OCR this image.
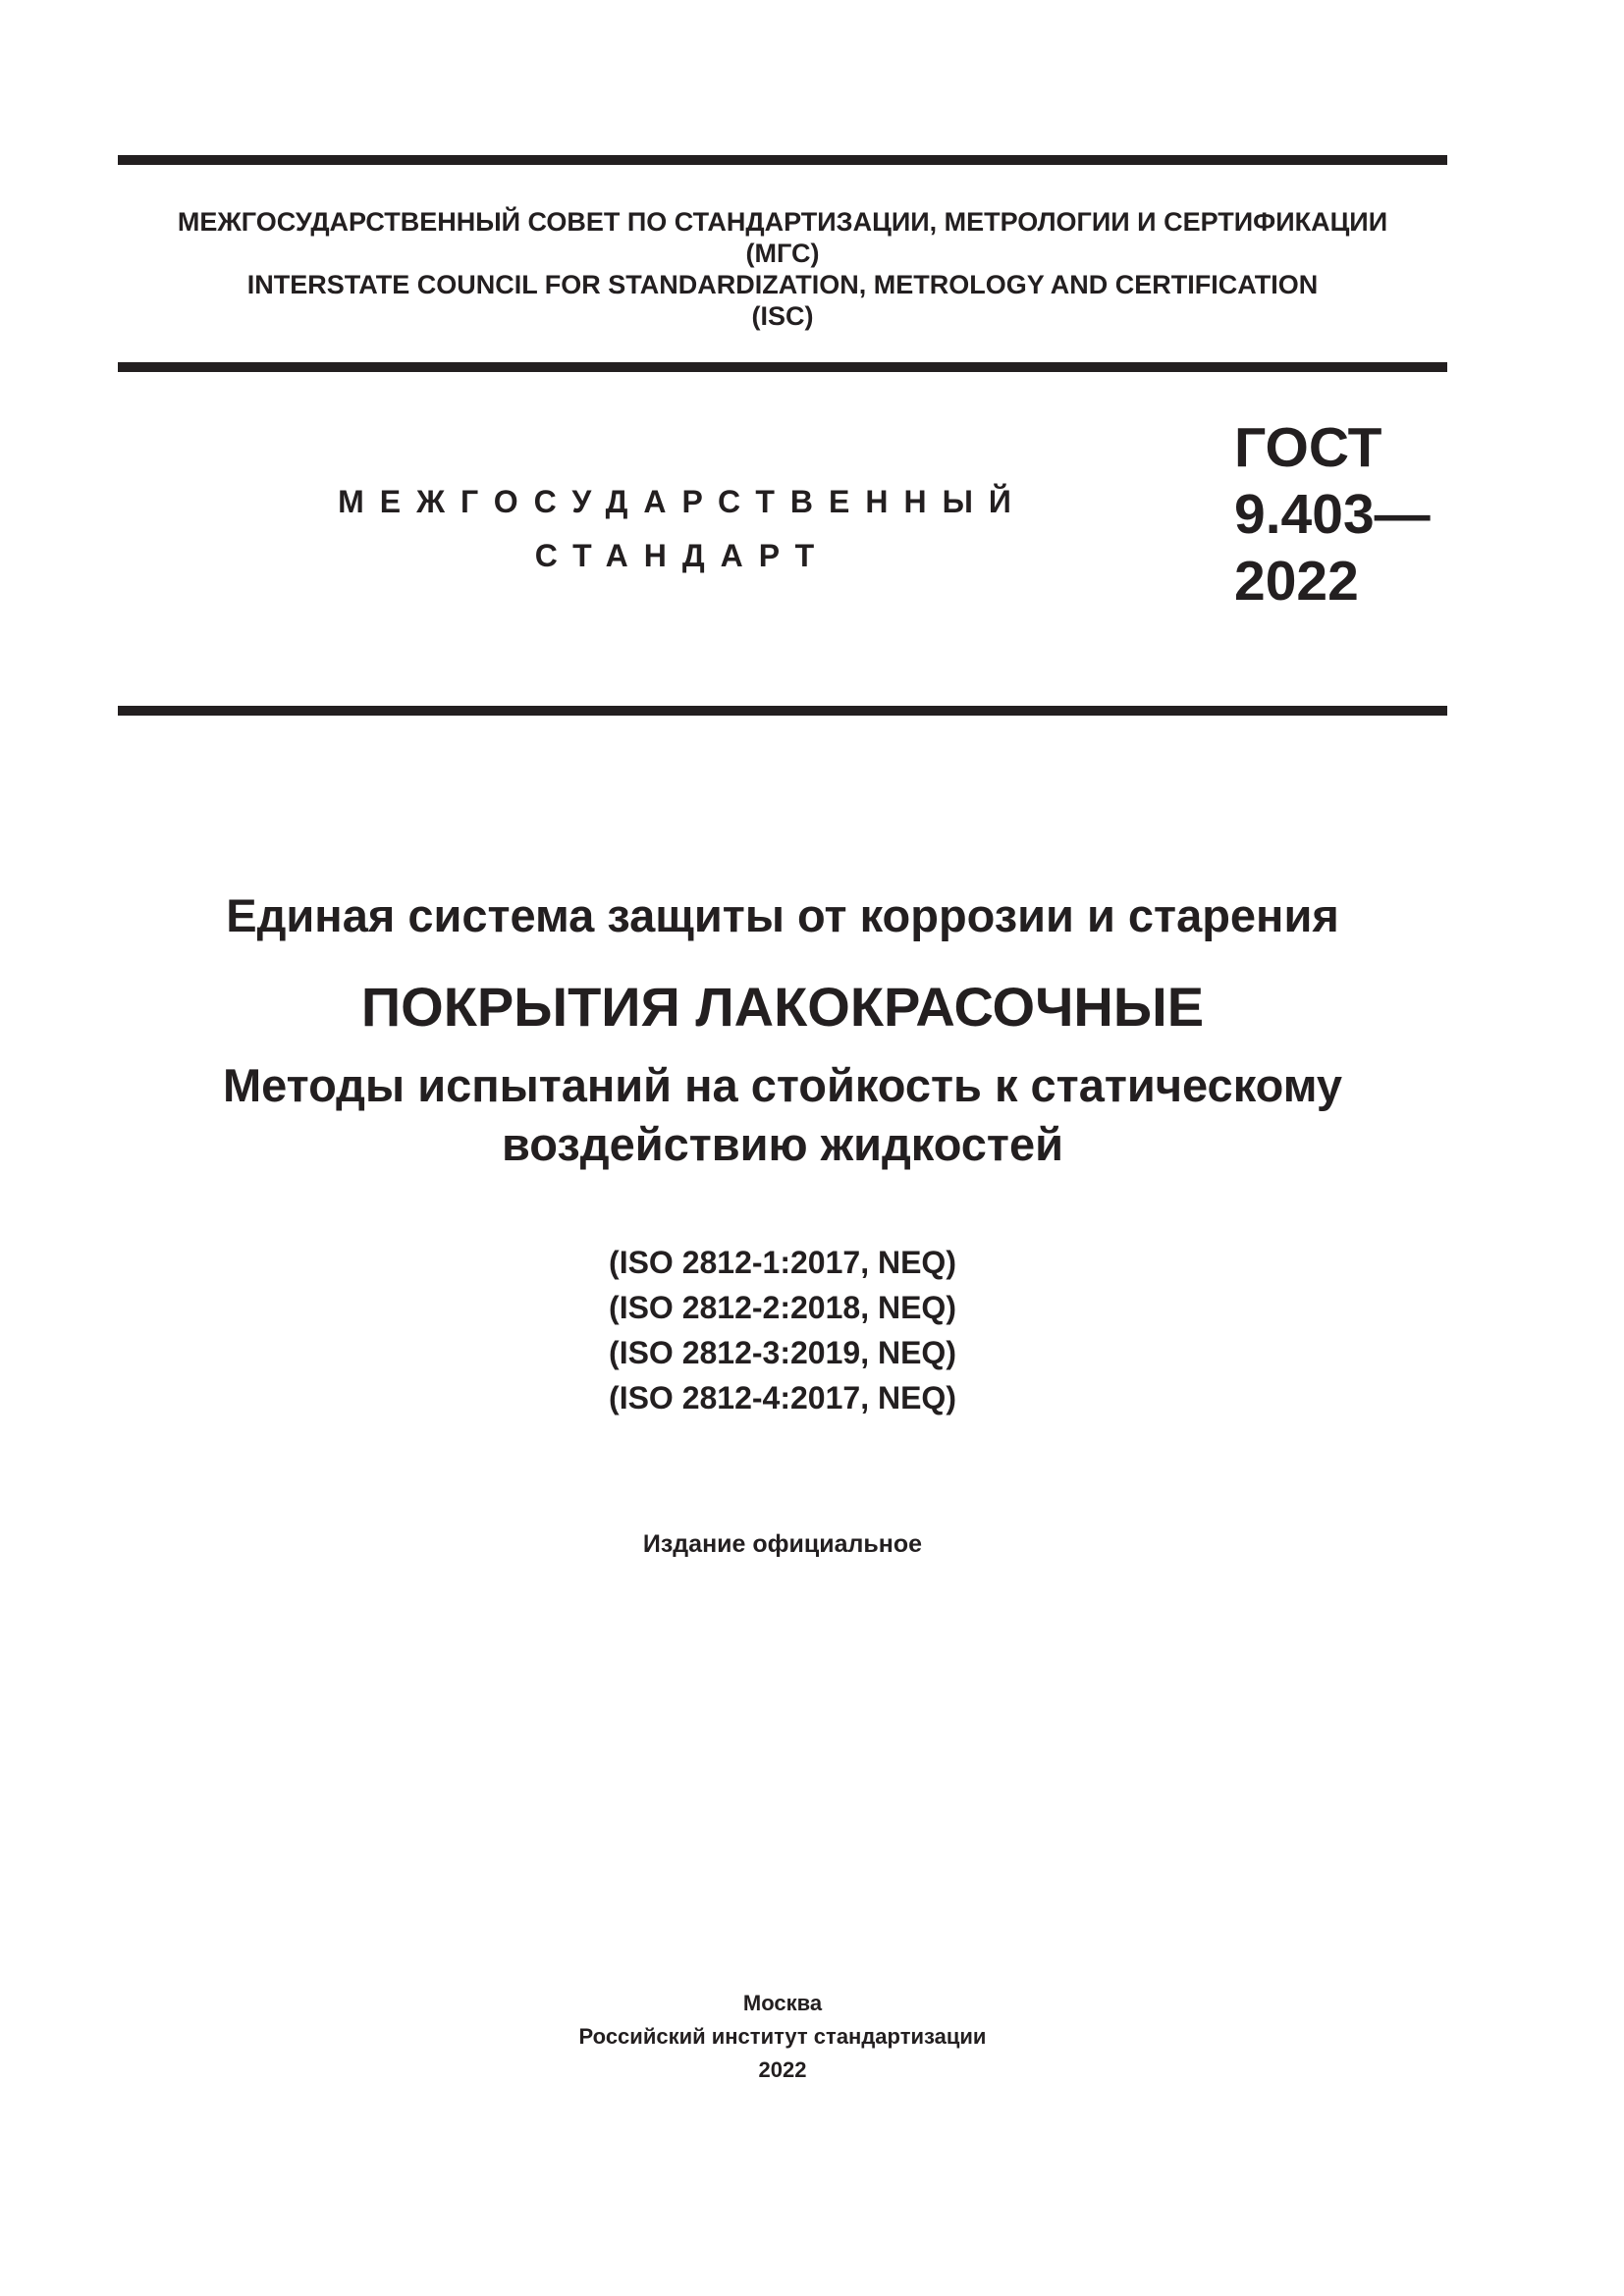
МЕЖГОСУДАРСТВЕННЫЙ СОВЕТ ПО СТАНДАРТИЗАЦИИ, МЕТРОЛОГИИ И СЕРТИФИКАЦИИ
(МГС)
INTERSTATE COUNCIL FOR STANDARDIZATION, METROLOGY AND CERTIFICATION
(ISC)
МЕЖГОСУДАРСТВЕННЫЙ
СТАНДАРТ
ГОСТ
9.403—
2022
Единая система защиты от коррозии и старения
ПОКРЫТИЯ ЛАКОКРАСОЧНЫЕ
Методы испытаний на стойкость к статическому
воздействию жидкостей
(ISO 2812-1:2017, NEQ)
(ISO 2812-2:2018, NEQ)
(ISO 2812-3:2019, NEQ)
(ISO 2812-4:2017, NEQ)
Издание официальное
Москва
Российский институт стандартизации
2022
